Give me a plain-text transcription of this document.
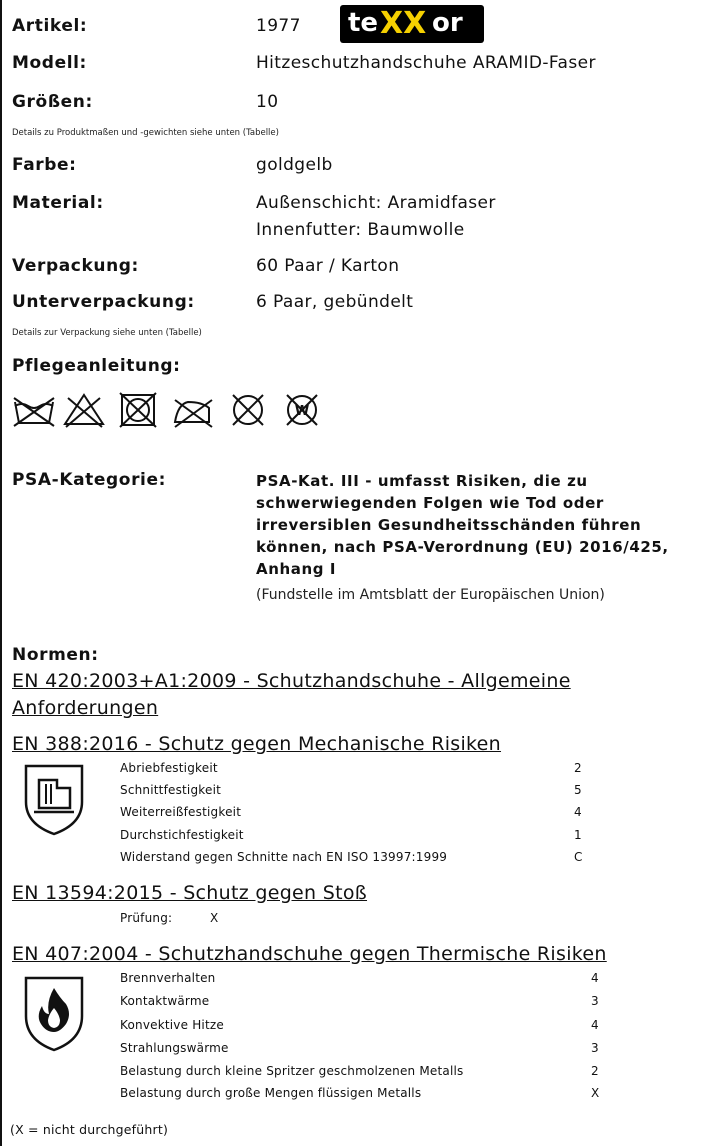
Artikel:	1977 te XX or
Modell:	Hitzeschutzhandschuhe ARAMID-Faser
Größen:	10
Details zu Produktmaßen und -gewichten siehe unten (Tabelle)
Farbe:	goldgelb
Material:	Außenschicht: Aramidfaser
Innenfutter: Baumwolle
Verpackung:	60 Paar / Karton
Unterverpackung:	6 Paar, gebündelt
Details zur Verpackung siehe unten (Tabelle)
Pflegeanleitung:
W
PSA-Kategorie:	PSA-Kat. III - umfasst Risiken, die zu schwerwiegenden Folgen wie Tod oder irreversiblen Gesundheitsschänden führen können, nach PSA-Verordnung (EU) 2016/425, Anhang I
(Fundstelle im Amtsblatt der Europäischen Union)
Normen:
EN 420:2003+A1:2009 - Schutzhandschuhe - Allgemeine
Anforderungen
EN 388:2016 - Schutz gegen Mechanische Risiken
Abriebfestigkeit	2
Schnittfestigkeit	5
Weiterreißfestigkeit	4
Durchstichfestigkeit	1
Widerstand gegen Schnitte nach EN ISO 13997:1999	C
EN 13594:2015 - Schutz gegen Stoß
Prüfung:	X
EN 407:2004 - Schutzhandschuhe gegen Thermische Risiken
Brennverhalten	4
Kontaktwärme	3
Konvektive Hitze	4
Strahlungswärme	3
Belastung durch kleine Spritzer geschmolzenen Metalls	2
Belastung durch große Mengen flüssigen Metalls	X
(X = nicht durchgeführt)
